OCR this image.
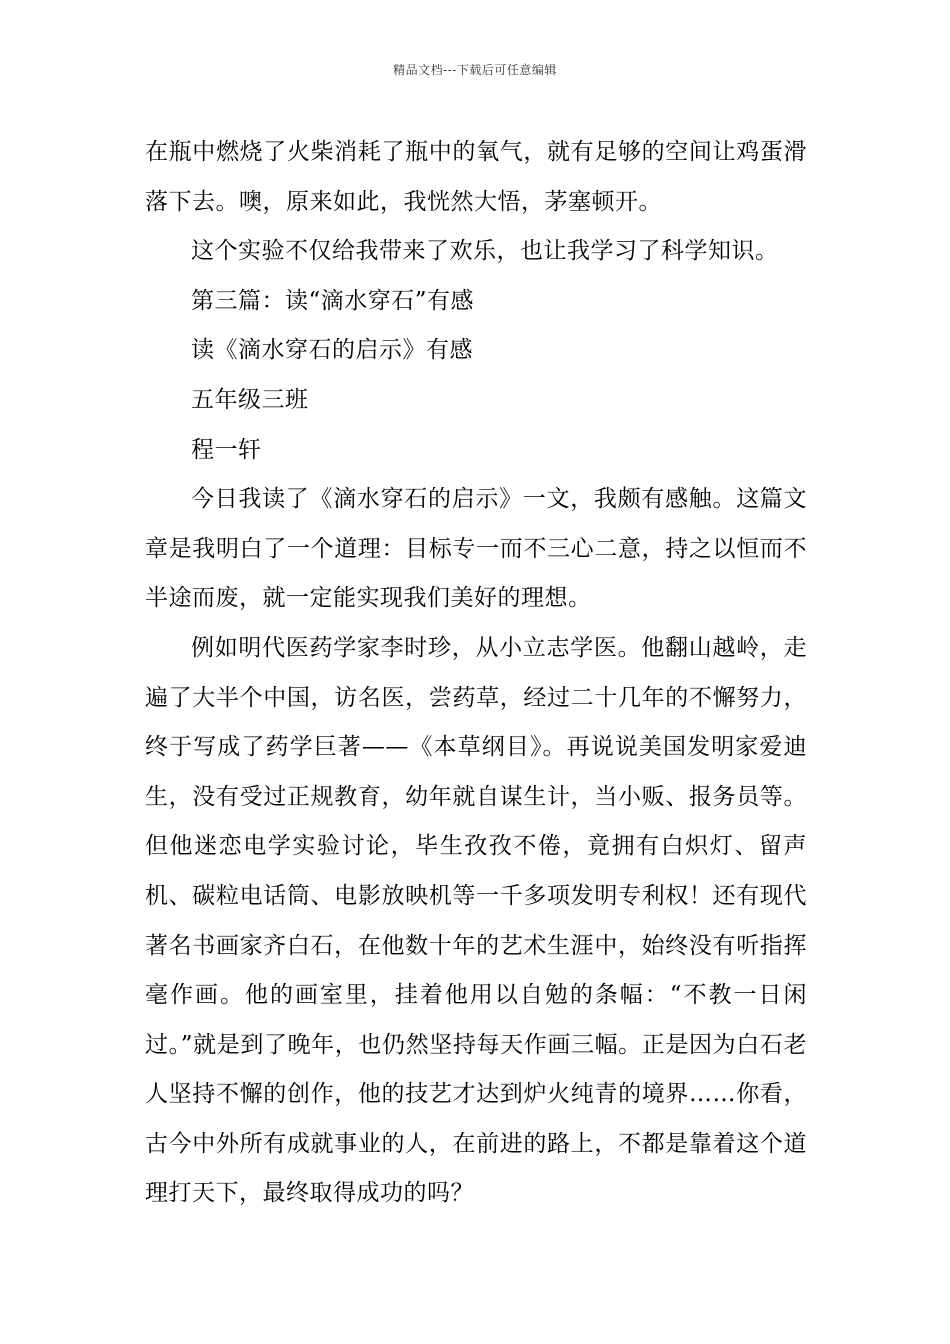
精品文档---下载后可任意编辑

在瓶中燃烧了火柴消耗了瓶中的氧气，就有足够的空间让鸡蛋滑落下去。噢，原来如此，我恍然大悟，茅塞顿开。

这个实验不仅给我带来了欢乐，也让我学习了科学知识。

第三篇：读“滴水穿石”有感

读《滴水穿石的启示》有感

五年级三班

程一轩

今日我读了《滴水穿石的启示》一文，我颇有感触。这篇文章是我明白了一个道理：目标专一而不三心二意，持之以恒而不半途而废，就一定能实现我们美好的理想。

例如明代医药学家李时珍，从小立志学医。他翻山越岭，走遍了大半个中国，访名医，尝药草，经过二十几年的不懈努力，终于写成了药学巨著——《本草纲目》。再说说美国发明家爱迪生，没有受过正规教育，幼年就自谋生计，当小贩、报务员等。但他迷恋电学实验讨论，毕生孜孜不倦，竟拥有白炽灯、留声机、碳粒电话筒、电影放映机等一千多项发明专利权！还有现代著名书画家齐白石，在他数十年的艺术生涯中，始终没有听指挥毫作画。他的画室里，挂着他用以自勉的条幅：“不教一日闲过。”就是到了晚年，也仍然坚持每天作画三幅。正是因为白石老人坚持不懈的创作，他的技艺才达到炉火纯青的境界……你看，古今中外所有成就事业的人，在前进的路上，不都是靠着这个道理打天下，最终取得成功的吗？
